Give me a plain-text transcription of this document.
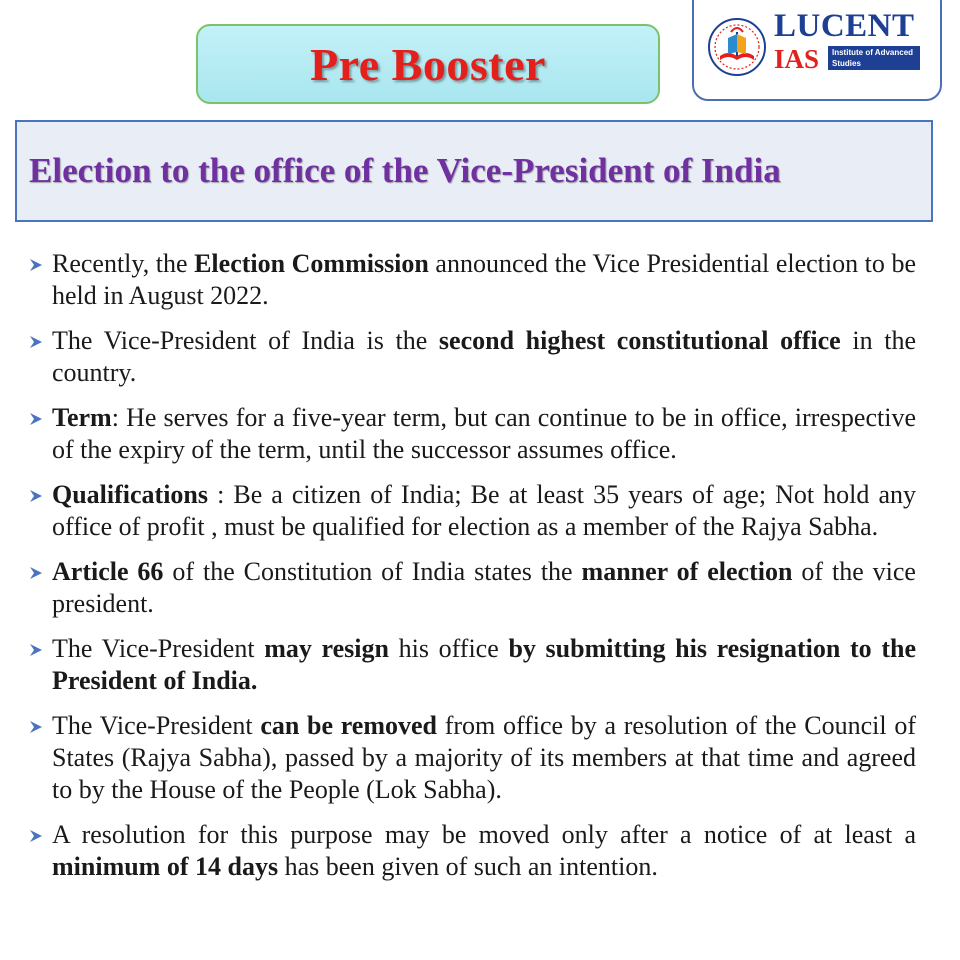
Pre Booster
LUCENT
IAS	Institute of Advanced Studies
Election to the office of the Vice-President of India
Recently, the Election Commission announced the Vice Presidential election to be held in August 2022.
The Vice-President of India is the second highest constitutional office in the country.
Term: He serves for a five-year term, but can continue to be in office, irrespective of the expiry of the term, until the successor assumes office.
Qualifications : Be a citizen of India; Be at least 35 years of age; Not hold any office of profit , must be qualified for election as a member of the Rajya Sabha.
Article 66 of the Constitution of India states the manner of election of the vice president.
The Vice-President may resign his office by submitting his resignation to the President of India.
The Vice-President can be removed from office by a resolution of the Council of States (Rajya Sabha), passed by a majority of its members at that time and agreed to by the House of the People (Lok Sabha).
A resolution for this purpose may be moved only after a notice of at least a minimum of 14 days has been given of such an intention.
